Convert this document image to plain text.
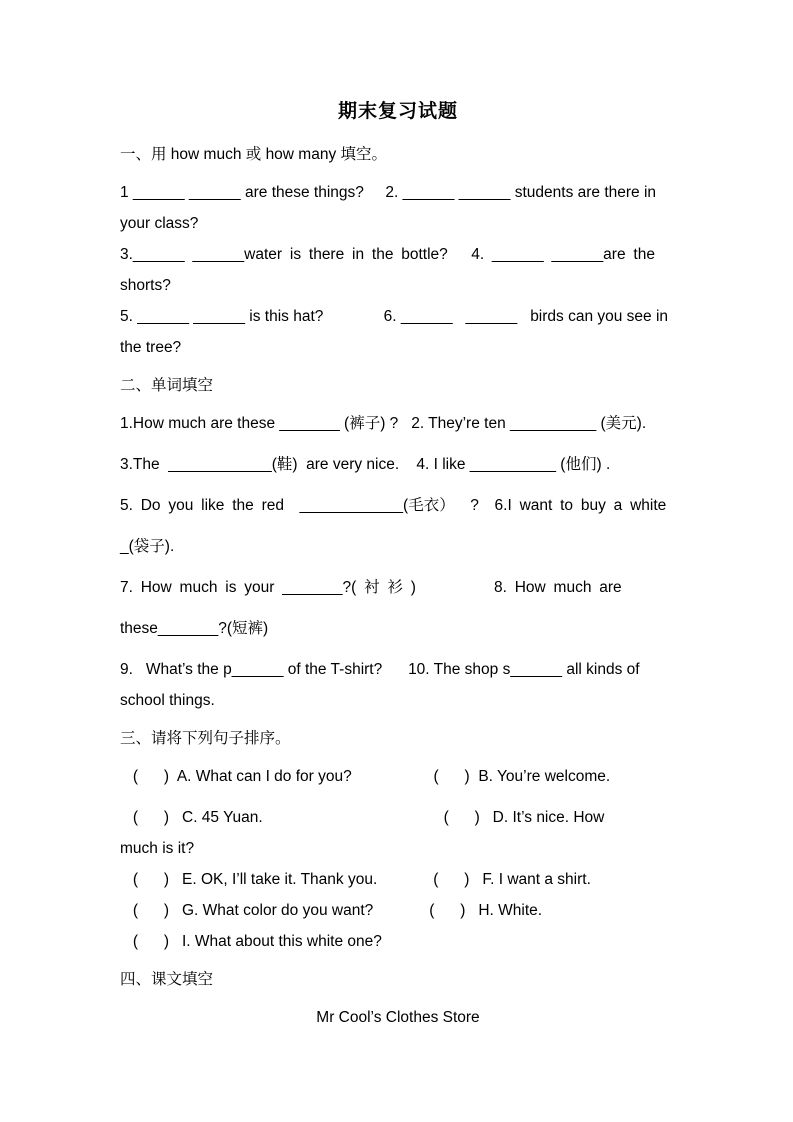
期末复习试题
一、用 how much 或 how many 填空。

1 ______ ______ are these things?     2. ______ ______ students are there in

your class?

3.______ ______water is there in the bottle?   4. ______ ______are the

shorts?

5. ______ ______ is this hat?              6. ______   ______   birds can you see in

the tree?

二、单词填空

1.How much are these _______ (裤子) ?   2. They’re ten __________ (美元).

3.The  ____________(鞋)  are very nice.    4. I like __________ (他们) .

5. Do you like the red  ____________(毛衣）  ?  6.I want to buy a white

_(袋子).

7. How much is your _______?( 衬 衫 )          8. How much are

these_______?(短裤)

9.   What’s the p______ of the T-shirt?      10. The shop s______ all kinds of

school things.

三、请将下列句子排序。

(      )  A. What can I do for you?                   (      )  B. You’re welcome.

(      )   C. 45 Yuan.                                          (      )   D. It’s nice. How

much is it?

(      )   E. OK, I’ll take it. Thank you.             (      )   F. I want a shirt.

(      )   G. What color do you want?             (      )   H. White.

(      )   I. What about this white one?

四、课文填空

Mr Cool’s Clothes Store
